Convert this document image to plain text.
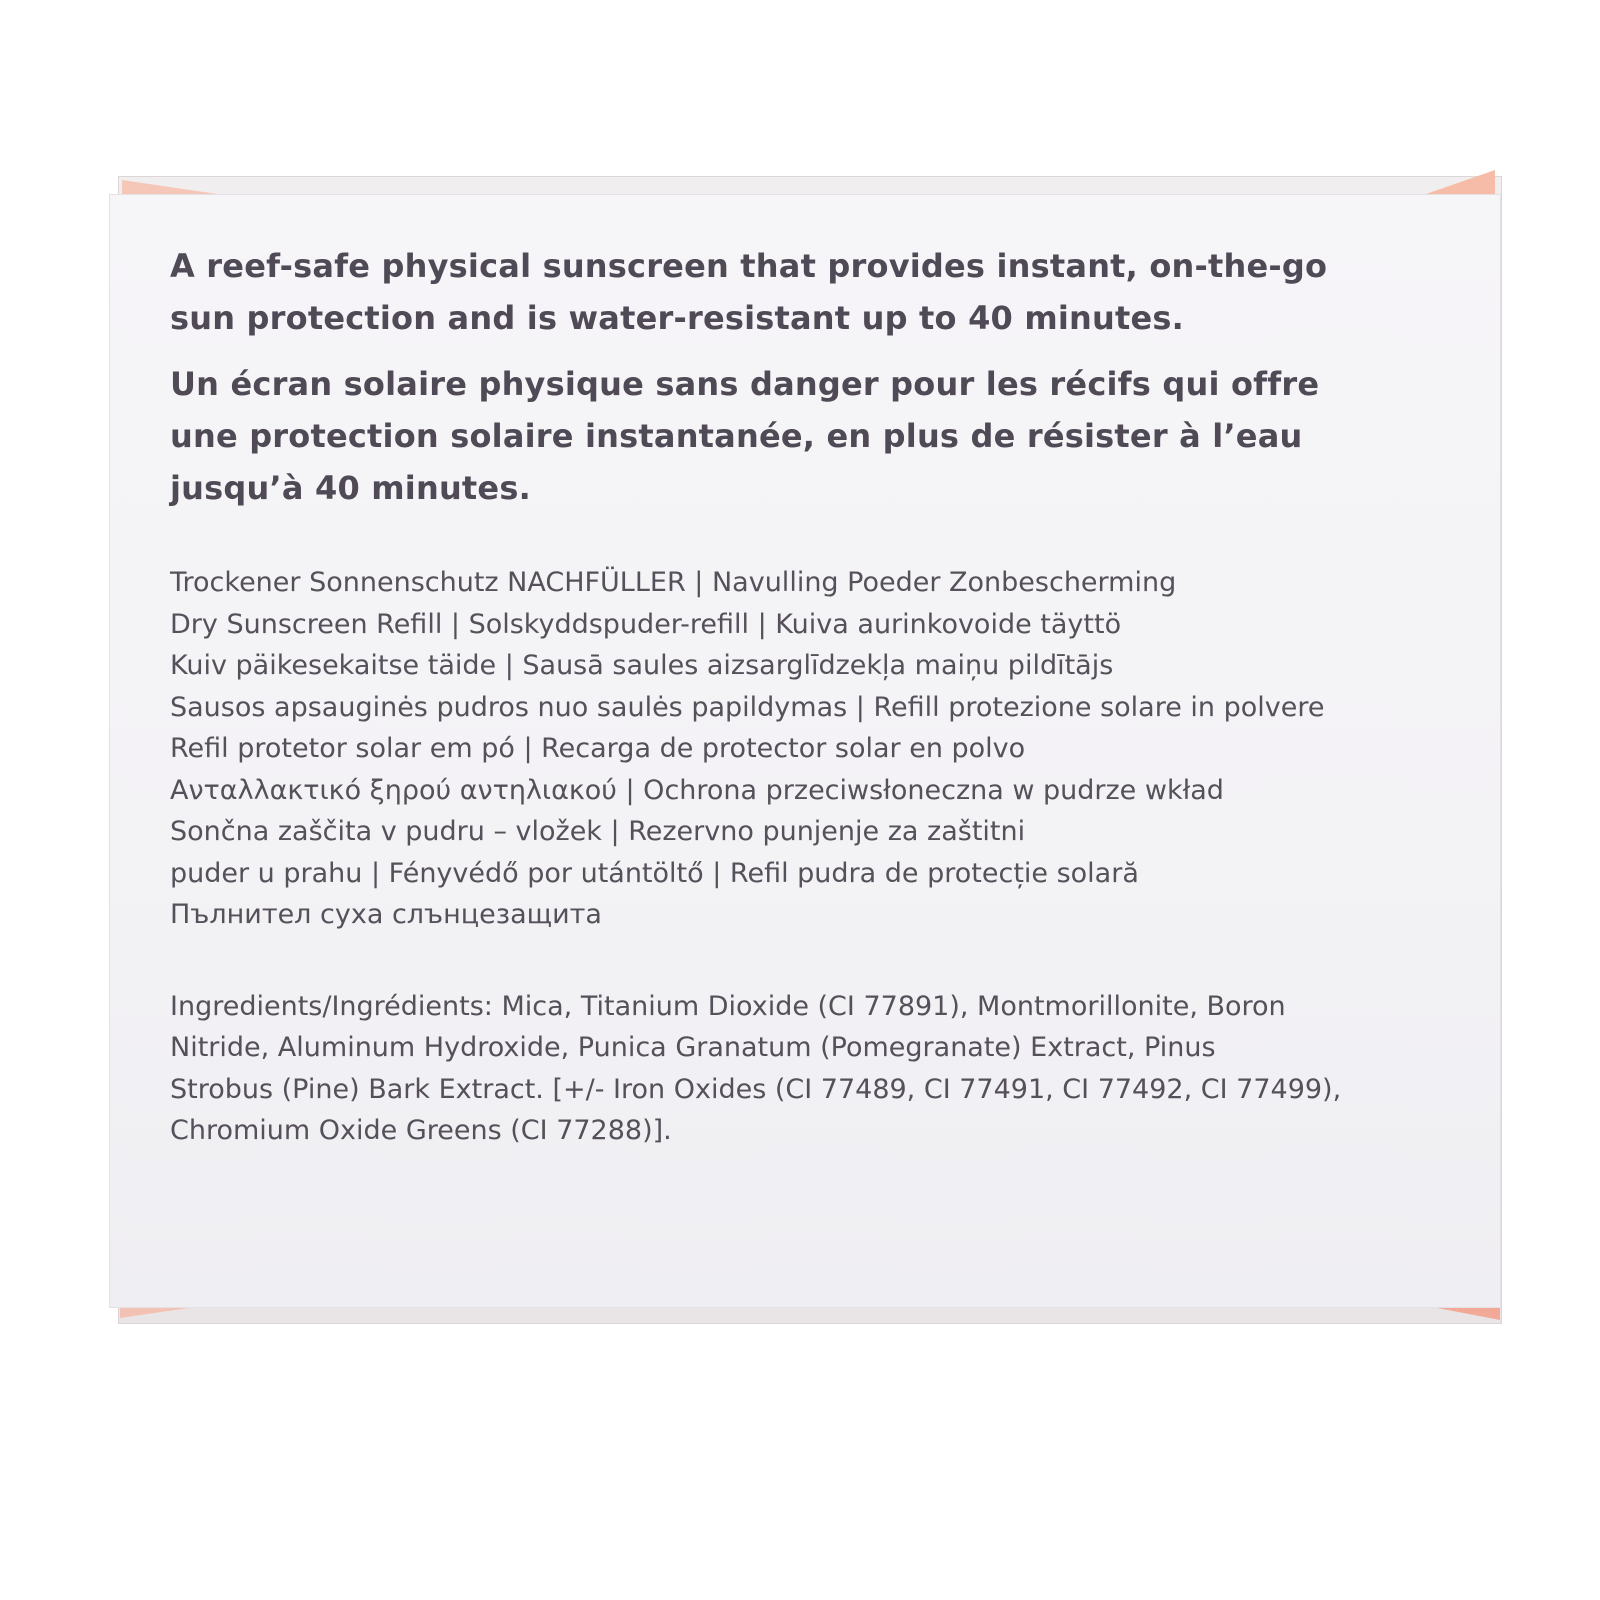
A reef-safe physical sunscreen that provides instant, on-the-go
sun protection and is water-resistant up to 40 minutes.
Un écran solaire physique sans danger pour les récifs qui offre
une protection solaire instantanée, en plus de résister à l’eau
jusqu’à 40 minutes.
Trockener Sonnenschutz NACHFÜLLER | Navulling Poeder Zonbescherming
Dry Sunscreen Refill | Solskyddspuder-refill | Kuiva aurinkovoide täyttö
Kuiv päikesekaitse täide | Sausā saules aizsarglīdzekļa maiņu pildītājs
Sausos apsauginės pudros nuo saulės papildymas | Refill protezione solare in polvere
Refil protetor solar em pó | Recarga de protector solar en polvo
Ανταλλακτικό ξηρού αντηλιακού | Ochrona przeciwsłoneczna w pudrze wkład
Sončna zaščita v pudru – vložek | Rezervno punjenje za zaštitni
puder u prahu | Fényvédő por utántöltő | Refil pudra de protecție solară
Пълнител суха слънцезащита
Ingredients/Ingrédients: Mica, Titanium Dioxide (CI 77891), Montmorillonite, Boron
Nitride, Aluminum Hydroxide, Punica Granatum (Pomegranate) Extract, Pinus
Strobus (Pine) Bark Extract. [+/- Iron Oxides (CI 77489, CI 77491, CI 77492, CI 77499),
Chromium Oxide Greens (CI 77288)].
